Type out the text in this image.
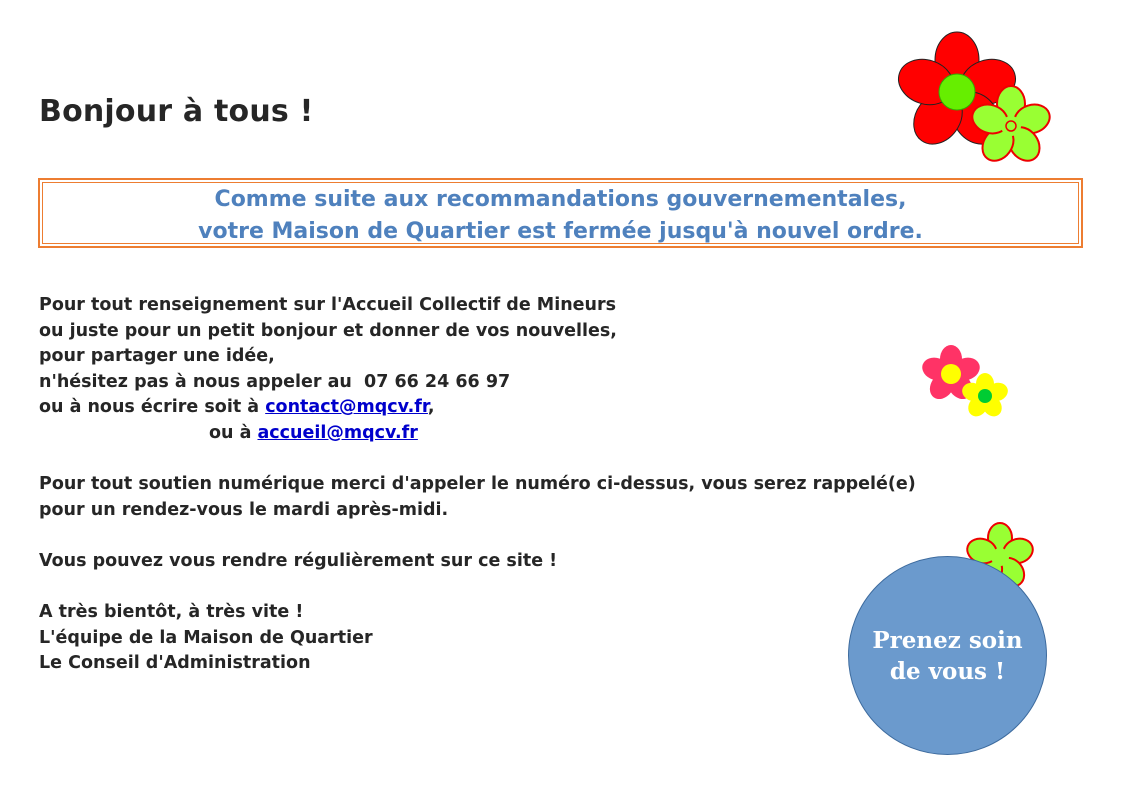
Bonjour à tous !
Comme suite aux recommandations gouvernementales,
votre Maison de Quartier est fermée jusqu'à nouvel ordre.
Pour tout renseignement sur l'Accueil Collectif de Mineurs
ou juste pour un petit bonjour et donner de vos nouvelles,
pour partager une idée,
n'hésitez pas à nous appeler au  07 66 24 66 97
ou à nous écrire soit à contact@mqcv.fr,
ou à accueil@mqcv.fr
Pour tout soutien numérique merci d'appeler le numéro ci-dessus, vous serez rappelé(e)
pour un rendez-vous le mardi après-midi.
Vous pouvez vous rendre régulièrement sur ce site !
A très bientôt, à très vite !
L'équipe de la Maison de Quartier
Le Conseil d'Administration
Prenez soin
de vous !
